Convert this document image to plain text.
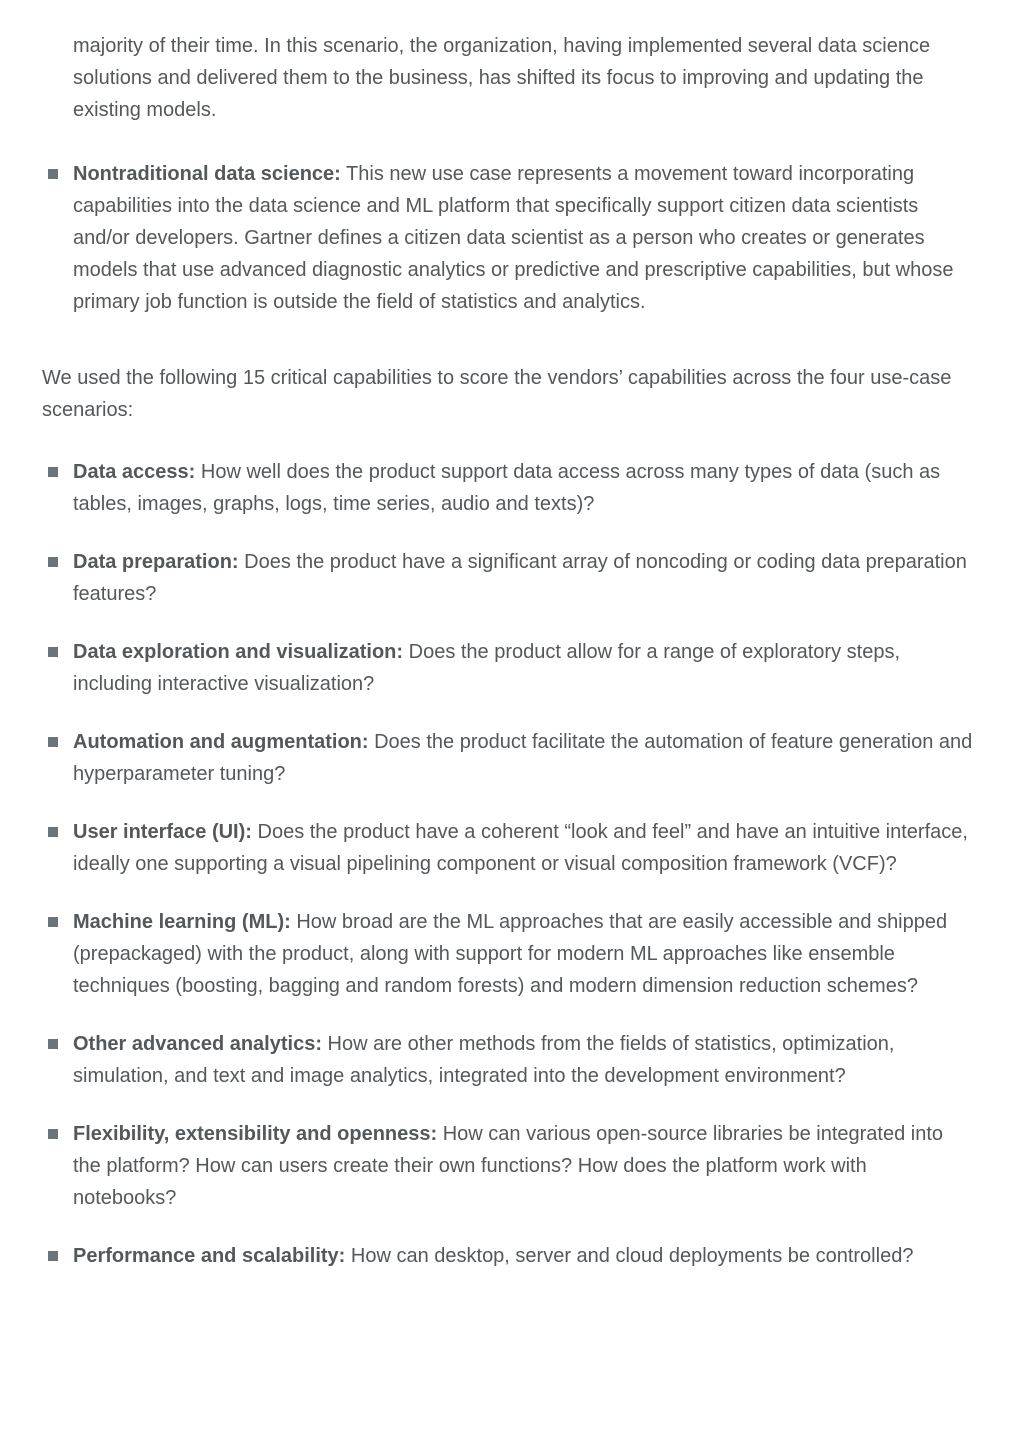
majority of their time. In this scenario, the organization, having implemented several data science solutions and delivered them to the business, has shifted its focus to improving and updating the existing models.

Nontraditional data science: This new use case represents a movement toward incorporating capabilities into the data science and ML platform that specifically support citizen data scientists and/or developers. Gartner defines a citizen data scientist as a person who creates or generates models that use advanced diagnostic analytics or predictive and prescriptive capabilities, but whose primary job function is outside the field of statistics and analytics.

We used the following 15 critical capabilities to score the vendors’ capabilities across the four use-case scenarios:

Data access: How well does the product support data access across many types of data (such as tables, images, graphs, logs, time series, audio and texts)?
Data preparation: Does the product have a significant array of noncoding or coding data preparation features?
Data exploration and visualization: Does the product allow for a range of exploratory steps, including interactive visualization?
Automation and augmentation: Does the product facilitate the automation of feature generation and hyperparameter tuning?
User interface (UI): Does the product have a coherent “look and feel” and have an intuitive interface, ideally one supporting a visual pipelining component or visual composition framework (VCF)?
Machine learning (ML): How broad are the ML approaches that are easily accessible and shipped (prepackaged) with the product, along with support for modern ML approaches like ensemble techniques (boosting, bagging and random forests) and modern dimension reduction schemes?
Other advanced analytics: How are other methods from the fields of statistics, optimization, simulation, and text and image analytics, integrated into the development environment?
Flexibility, extensibility and openness: How can various open-source libraries be integrated into the platform? How can users create their own functions? How does the platform work with notebooks?
Performance and scalability: How can desktop, server and cloud deployments be controlled?
